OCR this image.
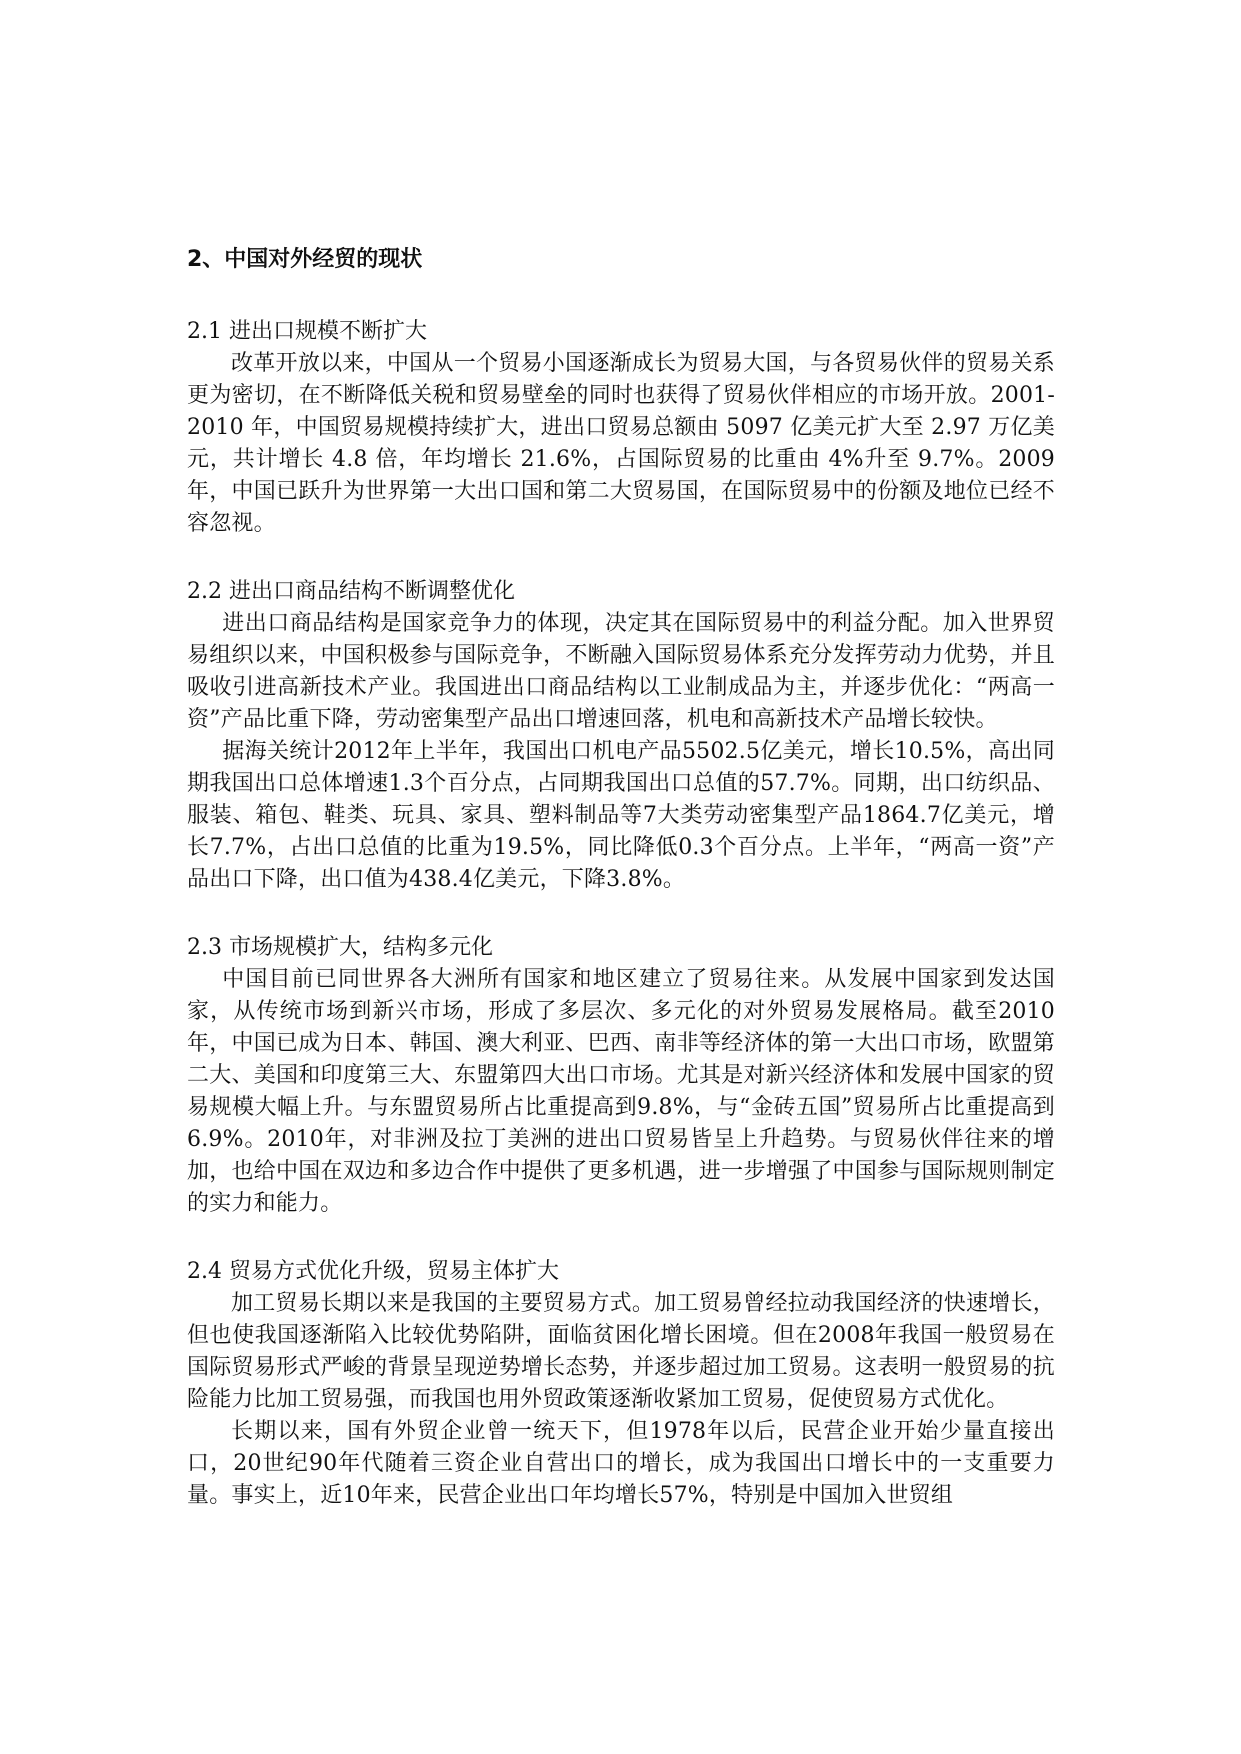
2、中国对外经贸的现状
2.1 进出口规模不断扩大

改革开放以来，中国从一个贸易小国逐渐成长为贸易大国，与各贸易伙伴的贸易关系更为密切，在不断降低关税和贸易壁垒的同时也获得了贸易伙伴相应的市场开放。2001-2010 年，中国贸易规模持续扩大，进出口贸易总额由 5097 亿美元扩大至 2.97 万亿美元，共计增长 4.8 倍，年均增长 21.6%，占国际贸易的比重由 4%升至 9.7%。2009 年，中国已跃升为世界第一大出口国和第二大贸易国，在国际贸易中的份额及地位已经不容忽视。

2.2 进出口商品结构不断调整优化

进出口商品结构是国家竞争力的体现，决定其在国际贸易中的利益分配。加入世界贸易组织以来，中国积极参与国际竞争，不断融入国际贸易体系充分发挥劳动力优势，并且吸收引进高新技术产业。我国进出口商品结构以工业制成品为主，并逐步优化：“两高一资”产品比重下降，劳动密集型产品出口增速回落，机电和高新技术产品增长较快。

据海关统计2012年上半年，我国出口机电产品5502.5亿美元，增长10.5%，高出同期我国出口总体增速1.3个百分点，占同期我国出口总值的57.7%。同期，出口纺织品、服装、箱包、鞋类、玩具、家具、塑料制品等7大类劳动密集型产品1864.7亿美元，增长7.7%，占出口总值的比重为19.5%，同比降低0.3个百分点。上半年，“两高一资”产品出口下降，出口值为438.4亿美元，下降3.8%。

2.3 市场规模扩大，结构多元化

中国目前已同世界各大洲所有国家和地区建立了贸易往来。从发展中国家到发达国家，从传统市场到新兴市场，形成了多层次、多元化的对外贸易发展格局。截至2010年，中国已成为日本、韩国、澳大利亚、巴西、南非等经济体的第一大出口市场，欧盟第二大、美国和印度第三大、东盟第四大出口市场。尤其是对新兴经济体和发展中国家的贸易规模大幅上升。与东盟贸易所占比重提高到9.8%，与“金砖五国”贸易所占比重提高到6.9%。2010年，对非洲及拉丁美洲的进出口贸易皆呈上升趋势。与贸易伙伴往来的增加，也给中国在双边和多边合作中提供了更多机遇，进一步增强了中国参与国际规则制定的实力和能力。

2.4 贸易方式优化升级，贸易主体扩大

加工贸易长期以来是我国的主要贸易方式。加工贸易曾经拉动我国经济的快速增长，但也使我国逐渐陷入比较优势陷阱，面临贫困化增长困境。但在2008年我国一般贸易在国际贸易形式严峻的背景呈现逆势增长态势，并逐步超过加工贸易。这表明一般贸易的抗险能力比加工贸易强，而我国也用外贸政策逐渐收紧加工贸易，促使贸易方式优化。

长期以来，国有外贸企业曾一统天下，但1978年以后，民营企业开始少量直接出口，20世纪90年代随着三资企业自营出口的增长，成为我国出口增长中的一支重要力量。事实上，近10年来，民营企业出口年均增长57%，特别是中国加入世贸组
